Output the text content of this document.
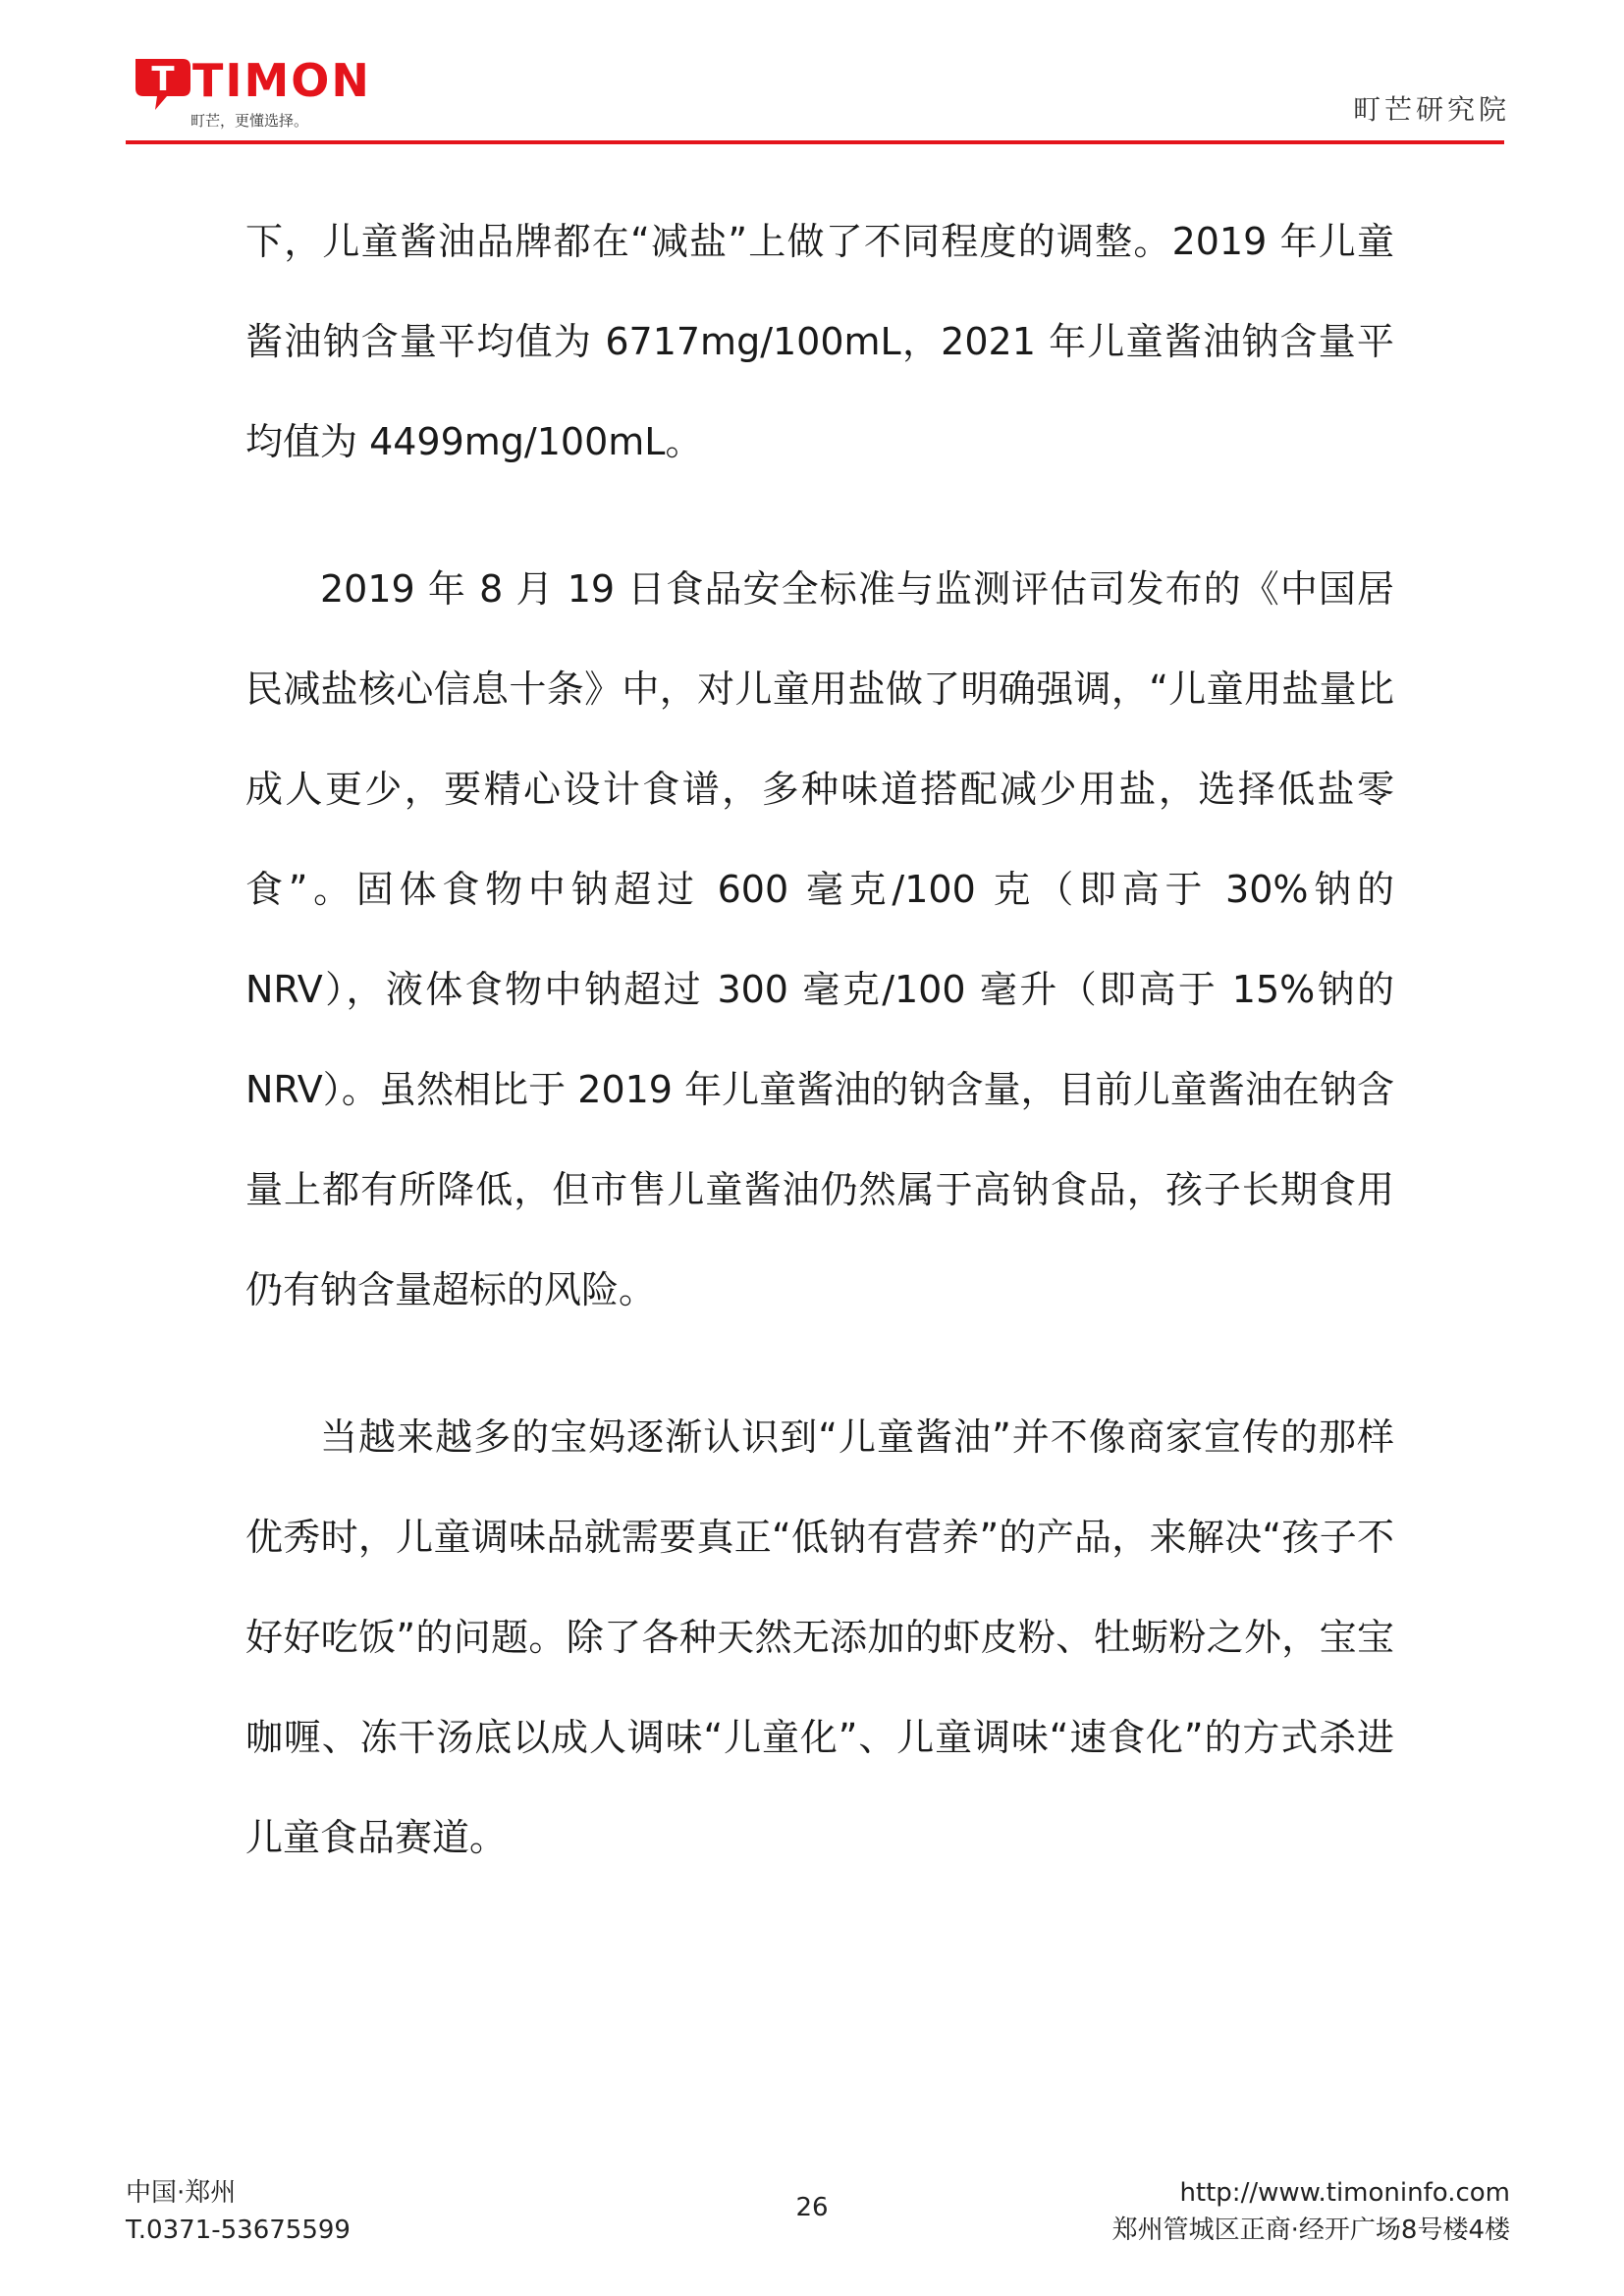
T TIMON
町芒，更懂选择。	町芒研究院

下，儿童酱油品牌都在“减盐”上做了不同程度的调整。2019 年儿童酱油钠含量平均值为 6717mg/100mL，2021 年儿童酱油钠含量平均值为 4499mg/100mL。

2019 年 8 月 19 日食品安全标准与监测评估司发布的《中国居民减盐核心信息十条》中，对儿童用盐做了明确强调，“儿童用盐量比成人更少，要精心设计食谱，多种味道搭配减少用盐，选择低盐零食”。固体食物中钠超过 600 毫克/100 克（即高于 30%钠的 NRV），液体食物中钠超过 300 毫克/100 毫升（即高于 15%钠的 NRV）。虽然相比于 2019 年儿童酱油的钠含量，目前儿童酱油在钠含量上都有所降低，但市售儿童酱油仍然属于高钠食品，孩子长期食用仍有钠含量超标的风险。

当越来越多的宝妈逐渐认识到“儿童酱油”并不像商家宣传的那样优秀时，儿童调味品就需要真正“低钠有营养”的产品，来解决“孩子不好好吃饭”的问题。除了各种天然无添加的虾皮粉、牡蛎粉之外，宝宝咖喱、冻干汤底以成人调味“儿童化”、儿童调味“速食化”的方式杀进儿童食品赛道。

中国·郑州
T.0371-53675599
26	http://www.timoninfo.com
郑州管城区正商·经开广场8号楼4楼
